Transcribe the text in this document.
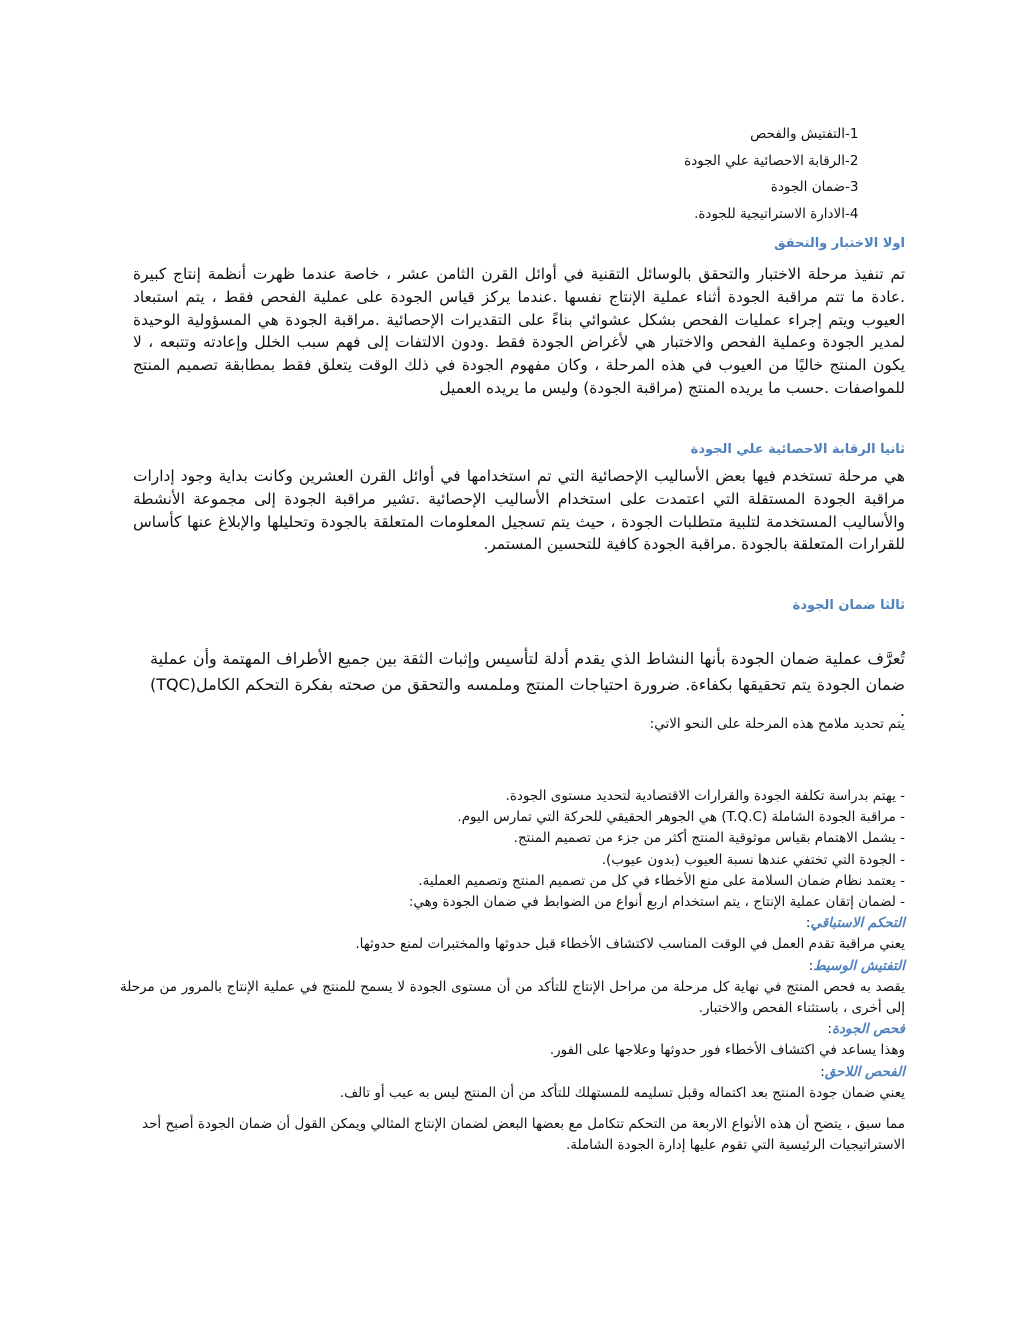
-1
التفتيش والفحص
-2
الرقابة الاحصائية علي الجودة
-3
ضمان الجودة
-4
الادارة الاستراتيجية للجودة.
اولا الاختبار والتحقق

تم تنفيذ مرحلة الاختبار والتحقق بالوسائل التقنية في أوائل القرن الثامن عشر ، خاصة عندما ظهرت أنظمة إنتاج كبيرة .عادة ما تتم مراقبة الجودة أثناء عملية الإنتاج نفسها .عندما يركز قياس الجودة على عملية الفحص فقط ، يتم استبعاد العيوب ويتم إجراء عمليات الفحص بشكل عشوائي بناءً على التقديرات الإحصائية .مراقبة الجودة هي المسؤولية الوحيدة لمدير الجودة وعملية الفحص والاختبار هي لأغراض الجودة فقط .ودون الالتفات إلى فهم سبب الخلل وإعادته وتتبعه ، لا يكون المنتج خاليًا من العيوب في هذه المرحلة ، وكان مفهوم الجودة في ذلك الوقت يتعلق فقط بمطابقة تصميم المنتج للمواصفات .حسب ما يريده المنتج (مراقبة الجودة) وليس ما يريده العميل

ثانيا الرقابة الاحصائية علي الجودة

هي مرحلة تستخدم فيها بعض الأساليب الإحصائية التي تم استخدامها في أوائل القرن العشرين وكانت بداية وجود إدارات مراقبة الجودة المستقلة التي اعتمدت على استخدام الأساليب الإحصائية .تشير مراقبة الجودة إلى مجموعة الأنشطة والأساليب المستخدمة لتلبية متطلبات الجودة ، حيث يتم تسجيل المعلومات المتعلقة بالجودة وتحليلها والإبلاغ عنها كأساس للقرارات المتعلقة بالجودة .مراقبة الجودة كافية للتحسين المستمر.

ثالثا ضمان الجودة

تُعرَّف عملية ضمان الجودة بأنها النشاط الذي يقدم أدلة لتأسيس وإثبات الثقة بين جميع الأطراف المهتمة وأن عملية ضمان الجودة يتم تحقيقها بكفاءة. ضرورة احتياجات المنتج وملمسه والتحقق من صحته بفكرة التحكم الكامل(TQC) .

يتم تحديد ملامح هذه المرحلة على النحو الاتي:
- يهتم بدراسة تكلفة الجودة والقرارات الاقتصادية لتحديد مستوى الجودة.
- مراقبة الجودة الشاملة (T.Q.C) هي الجوهر الحقيقي للحركة التي تمارس اليوم.
- يشمل الاهتمام بقياس موثوقية المنتج أكثر من جزء من تصميم المنتج.
- الجودة التي تختفي عندها نسبة العيوب (بدون عيوب).
- يعتمد نظام ضمان السلامة على منع الأخطاء في كل من تصميم المنتج وتصميم العملية.
- لضمان إتقان عملية الإنتاج ، يتم استخدام اربع أنواع من الضوابط في ضمان الجودة وهي:
التحكم الاستباقي:
يعني مراقبة تقدم العمل في الوقت المناسب لاكتشاف الأخطاء قبل حدوثها والمختبرات لمنع حدوثها.
التفتيش الوسيط:
يقصد به فحص المنتج في نهاية كل مرحلة من مراحل الإنتاج للتأكد من أن مستوى الجودة لا يسمح للمنتج في عملية الإنتاج بالمرور من مرحلة إلى أخرى ، باستثناء الفحص والاختبار.
فحص الجودة:
وهذا يساعد في اكتشاف الأخطاء فور حدوثها وعلاجها على الفور.
الفحص اللاحق:
يعني ضمان جودة المنتج بعد اكتماله وقبل تسليمه للمستهلك للتأكد من أن المنتج ليس به عيب أو تالف.

مما سبق ، يتضح أن هذه الأنواع الاربعة من التحكم تتكامل مع بعضها البعض لضمان الإنتاج المثالي ويمكن القول أن ضمان الجودة أصبح أحد الاستراتيجيات الرئيسية التي تقوم عليها إدارة الجودة الشاملة.
